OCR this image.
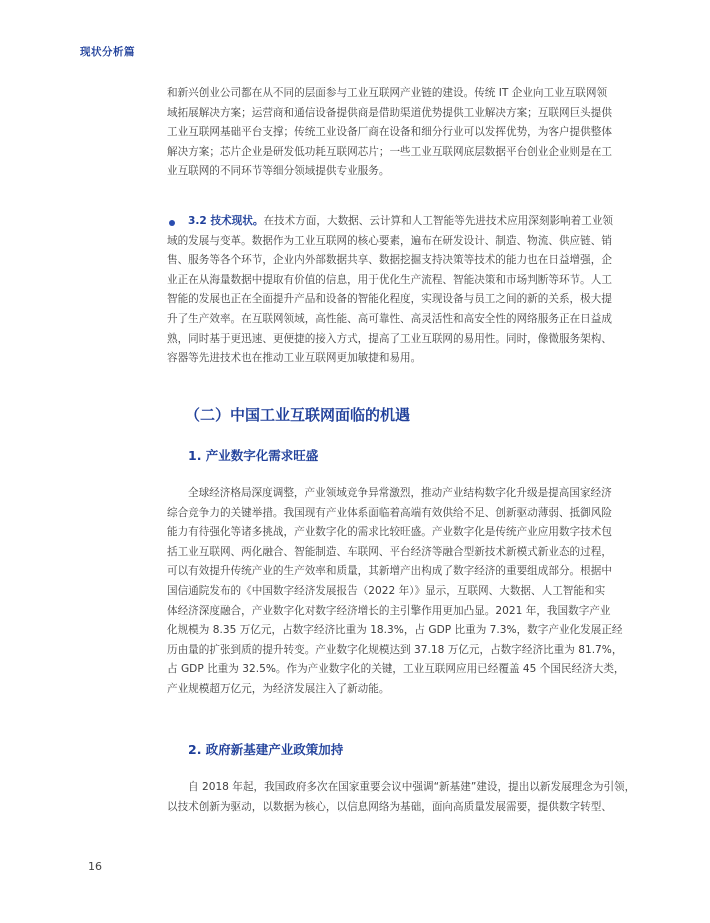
现状分析篇
和新兴创业公司都在从不同的层面参与工业互联网产业链的建设。传统 IT 企业向工业互联网领
域拓展解决方案；运营商和通信设备提供商是借助渠道优势提供工业解决方案；互联网巨头提供
工业互联网基础平台支撑；传统工业设备厂商在设备和细分行业可以发挥优势，为客户提供整体
解决方案；芯片企业是研发低功耗互联网芯片；一些工业互联网底层数据平台创业企业则是在工
业互联网的不同环节等细分领域提供专业服务。
3.2 技术现状。在技术方面，大数据、云计算和人工智能等先进技术应用深刻影响着工业领
域的发展与变革。数据作为工业互联网的核心要素，遍布在研发设计、制造、物流、供应链、销
售、服务等各个环节，企业内外部数据共享、数据挖掘支持决策等技术的能力也在日益增强，企
业正在从海量数据中提取有价值的信息，用于优化生产流程、智能决策和市场判断等环节。人工
智能的发展也正在全面提升产品和设备的智能化程度，实现设备与员工之间的新的关系，极大提
升了生产效率。在互联网领域，高性能、高可靠性、高灵活性和高安全性的网络服务正在日益成
熟，同时基于更迅速、更便捷的接入方式，提高了工业互联网的易用性。同时，像微服务架构、
容器等先进技术也在推动工业互联网更加敏捷和易用。
（二）中国工业互联网面临的机遇
1. 产业数字化需求旺盛
全球经济格局深度调整，产业领域竞争异常激烈，推动产业结构数字化升级是提高国家经济
综合竞争力的关键举措。我国现有产业体系面临着高端有效供给不足、创新驱动薄弱、抵御风险
能力有待强化等诸多挑战，产业数字化的需求比较旺盛。产业数字化是传统产业应用数字技术包
括工业互联网、两化融合、智能制造、车联网、平台经济等融合型新技术新模式新业态的过程，
可以有效提升传统产业的生产效率和质量，其新增产出构成了数字经济的重要组成部分。根据中
国信通院发布的《中国数字经济发展报告（2022 年）》显示，互联网、大数据、人工智能和实
体经济深度融合，产业数字化对数字经济增长的主引擎作用更加凸显。2021 年，我国数字产业
化规模为 8.35 万亿元，占数字经济比重为 18.3%，占 GDP 比重为 7.3%，数字产业化发展正经
历由量的扩张到质的提升转变。产业数字化规模达到 37.18 万亿元，占数字经济比重为 81.7%，
占 GDP 比重为 32.5%。作为产业数字化的关键，工业互联网应用已经覆盖 45 个国民经济大类，
产业规模超万亿元，为经济发展注入了新动能。
2. 政府新基建产业政策加持
自 2018 年起，我国政府多次在国家重要会议中强调“新基建”建设，提出以新发展理念为引领，
以技术创新为驱动，以数据为核心，以信息网络为基础，面向高质量发展需要，提供数字转型、
16
